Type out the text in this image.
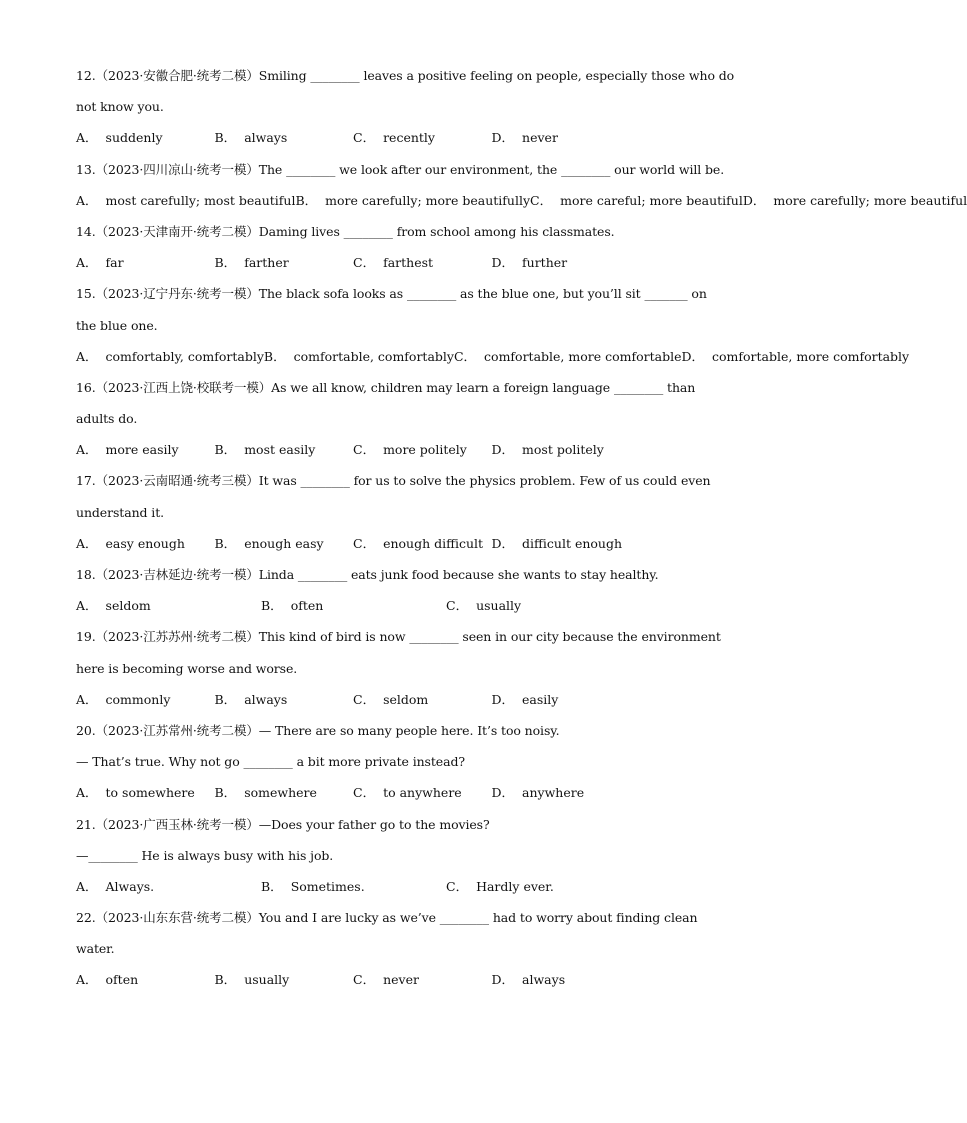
12.（2023·安徽合肥·统考二模）Smiling ________ leaves a positive feeling on people, especially those who do
not know you.
A． suddenly	B． always	C． recently	D． never
13.（2023·四川凉山·统考一模）The ________ we look after our environment, the ________ our world will be.
A． most carefully; most beautiful B． more carefully; more beautifully C． more careful; more beautiful D． more carefully; more beautiful
14.（2023·天津南开·统考二模）Daming lives ________ from school among his classmates.
A． far	B． farther	C． farthest	D． further
15.（2023·辽宁丹东·统考一模）The black sofa looks as ________ as the blue one, but you’ll sit _______ on
the blue one.
A． comfortably, comfortably B． comfortable, comfortably C． comfortable, more comfortable D． comfortable, more comfortably
16.（2023·江西上饶·校联考一模）As we all know, children may learn a foreign language ________ than
adults do.
A． more easily	B． most easily	C． more politely	D． most politely
17.（2023·云南昭通·统考三模）It was ________ for us to solve the physics problem. Few of us could even
understand it.
A． easy enough	B． enough easy	C． enough difficult D． difficult enough
18.（2023·吉林延边·统考一模）Linda ________ eats junk food because she wants to stay healthy.
A． seldom	B． often	C． usually
19.（2023·江苏苏州·统考二模）This kind of bird is now ________ seen in our city because the environment
here is becoming worse and worse.
A． commonly	B． always	C． seldom	D． easily
20.（2023·江苏常州·统考二模）— There are so many people here. It’s too noisy.
— That’s true. Why not go ________ a bit more private instead?
A． to somewhere	B． somewhere	C． to anywhere	D． anywhere
21.（2023·广西玉林·统考一模）—Does your father go to the movies?
—________ He is always busy with his job.
A． Always.	B． Sometimes.	C． Hardly ever.
22.（2023·山东东营·统考二模）You and I are lucky as we’ve ________ had to worry about finding clean
water.
A． often	B． usually	C． never	D． always
